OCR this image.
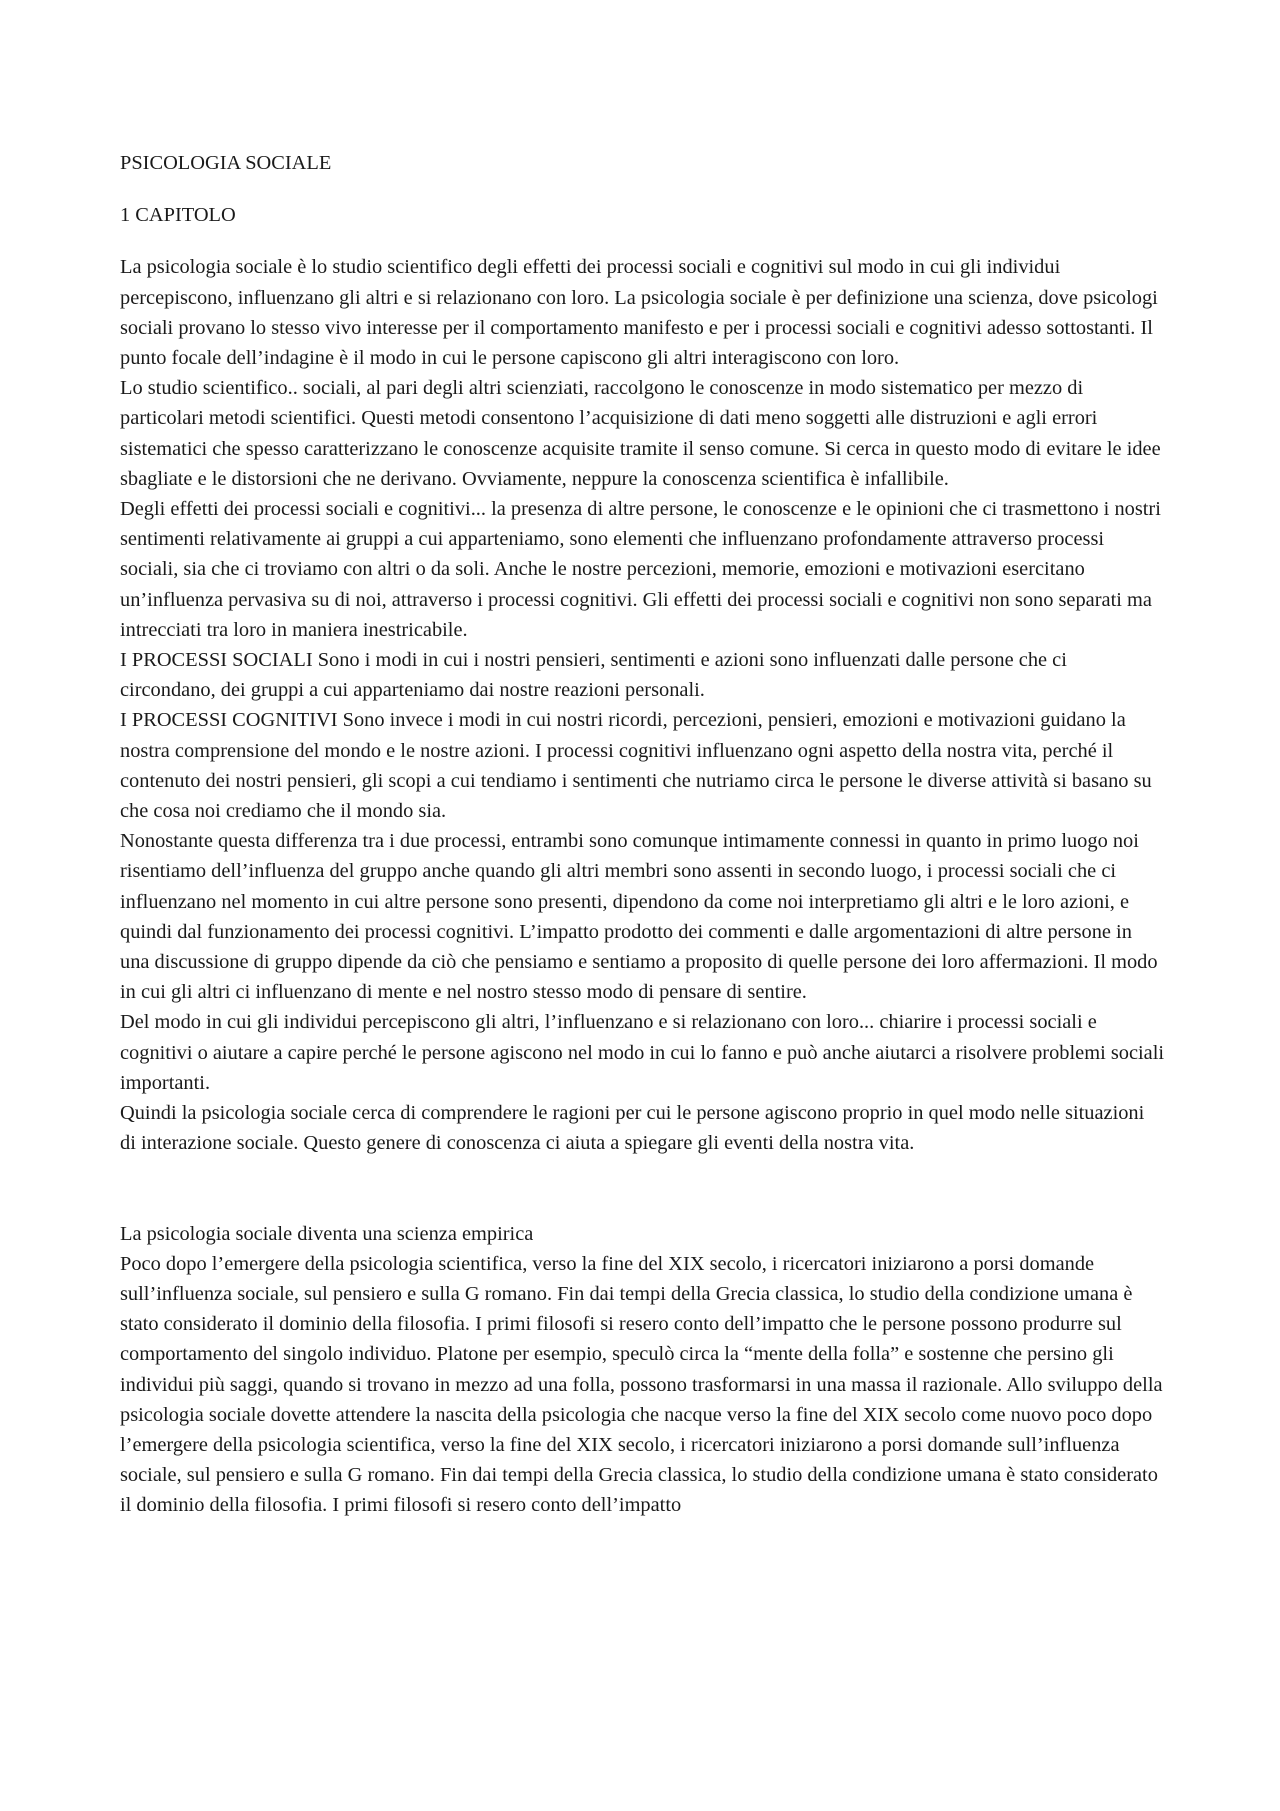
PSICOLOGIA SOCIALE

1 CAPITOLO

La psicologia sociale è lo studio scientifico degli effetti dei processi sociali e cognitivi sul modo in cui gli individui percepiscono, influenzano gli altri e si relazionano con loro. La psicologia sociale è per definizione una scienza, dove psicologi sociali provano lo stesso vivo interesse per il comportamento manifesto e per i processi sociali e cognitivi adesso sottostanti. Il punto focale dell’indagine è il modo in cui le persone capiscono gli altri interagiscono con loro.

Lo studio scientifico.. sociali, al pari degli altri scienziati, raccolgono le conoscenze in modo sistematico per mezzo di particolari metodi scientifici. Questi metodi consentono l’acquisizione di dati meno soggetti alle distruzioni e agli errori sistematici che spesso caratterizzano le conoscenze acquisite tramite il senso comune. Si cerca in questo modo di evitare le idee sbagliate e le distorsioni che ne derivano. Ovviamente, neppure la conoscenza scientifica è infallibile.

Degli effetti dei processi sociali e cognitivi... la presenza di altre persone, le conoscenze e le opinioni che ci trasmettono i nostri sentimenti relativamente ai gruppi a cui apparteniamo, sono elementi che influenzano profondamente attraverso processi sociali, sia che ci troviamo con altri o da soli. Anche le nostre percezioni, memorie, emozioni e motivazioni esercitano un’influenza pervasiva su di noi, attraverso i processi cognitivi. Gli effetti dei processi sociali e cognitivi non sono separati ma intrecciati tra loro in maniera inestricabile.

I PROCESSI SOCIALI Sono i modi in cui i nostri pensieri, sentimenti e azioni sono influenzati dalle persone che ci circondano, dei gruppi a cui apparteniamo dai nostre reazioni personali.

I PROCESSI COGNITIVI Sono invece i modi in cui nostri ricordi, percezioni, pensieri, emozioni e motivazioni guidano la nostra comprensione del mondo e le nostre azioni. I processi cognitivi influenzano ogni aspetto della nostra vita, perché il contenuto dei nostri pensieri, gli scopi a cui tendiamo i sentimenti che nutriamo circa le persone le diverse attività si basano su che cosa noi crediamo che il mondo sia.

Nonostante questa differenza tra i due processi, entrambi sono comunque intimamente connessi in quanto in primo luogo noi risentiamo dell’influenza del gruppo anche quando gli altri membri sono assenti in secondo luogo, i processi sociali che ci influenzano nel momento in cui altre persone sono presenti, dipendono da come noi interpretiamo gli altri e le loro azioni, e quindi dal funzionamento dei processi cognitivi. L’impatto prodotto dei commenti e dalle argomentazioni di altre persone in una discussione di gruppo dipende da ciò che pensiamo e sentiamo a proposito di quelle persone dei loro affermazioni. Il modo in cui gli altri ci influenzano di mente e nel nostro stesso modo di pensare di sentire.

Del modo in cui gli individui percepiscono gli altri, l’influenzano e si relazionano con loro... chiarire i processi sociali e cognitivi o aiutare a capire perché le persone agiscono nel modo in cui lo fanno e può anche aiutarci a risolvere problemi sociali importanti.

Quindi la psicologia sociale cerca di comprendere le ragioni per cui le persone agiscono proprio in quel modo nelle situazioni di interazione sociale. Questo genere di conoscenza ci aiuta a spiegare gli eventi della nostra vita.

La psicologia sociale diventa una scienza empirica

Poco dopo l’emergere della psicologia scientifica, verso la fine del XIX secolo, i ricercatori iniziarono a porsi domande sull’influenza sociale, sul pensiero e sulla G romano. Fin dai tempi della Grecia classica, lo studio della condizione umana è stato considerato il dominio della filosofia. I primi filosofi si resero conto dell’impatto che le persone possono produrre sul comportamento del singolo individuo. Platone per esempio, speculò circa la “mente della folla” e sostenne che persino gli individui più saggi, quando si trovano in mezzo ad una folla, possono trasformarsi in una massa il razionale. Allo sviluppo della psicologia sociale dovette attendere la nascita della psicologia che nacque verso la fine del XIX secolo come nuovo poco dopo l’emergere della psicologia scientifica, verso la fine del XIX secolo, i ricercatori iniziarono a porsi domande sull’influenza sociale, sul pensiero e sulla G romano. Fin dai tempi della Grecia classica, lo studio della condizione umana è stato considerato il dominio della filosofia. I primi filosofi si resero conto dell’impatto
